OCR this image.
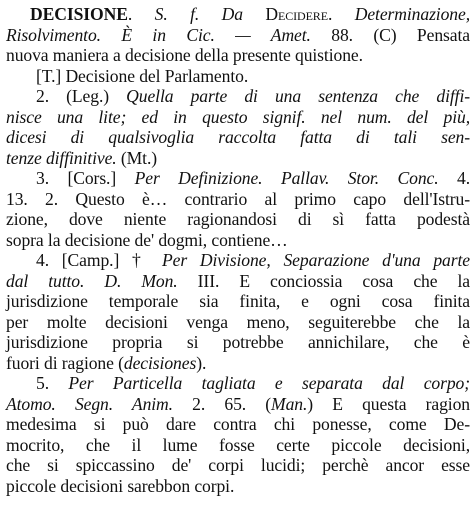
DECISIONE. S. f. Da Decidere. Determinazione,
Risolvimento. È in Cic. — Amet. 88. (C) Pensata
nuova maniera a decisione della presente quistione.
[T.] Decisione del Parlamento.
2. (Leg.) Quella parte di una sentenza che diffi-
nisce una lite; ed in questo signif. nel num. del più,
dicesi di qualsivoglia raccolta fatta di tali sen-
tenze diffinitive. (Mt.)
3. [Cors.] Per Definizione. Pallav. Stor. Conc. 4.
13. 2. Questo è… contrario al primo capo dell'Istru-
zione, dove niente ragionandosi di sì fatta podestà
sopra la decisione de' dogmi, contiene…
4. [Camp.] † Per Divisione, Separazione d'una parte
dal tutto. D. Mon. III. E conciossia cosa che la
jurisdizione temporale sia finita, e ogni cosa finita
per molte decisioni venga meno, seguiterebbe che la
jurisdizione propria si potrebbe annichilare, che è
fuori di ragione (decisiones).
5. Per Particella tagliata e separata dal corpo;
Atomo. Segn. Anim. 2. 65. (Man.) E questa ragion
medesima si può dare contra chi ponesse, come De-
mocrito, che il lume fosse certe piccole decisioni,
che si spiccassino de' corpi lucidi; perchè ancor esse
piccole decisioni sarebbon corpi.
